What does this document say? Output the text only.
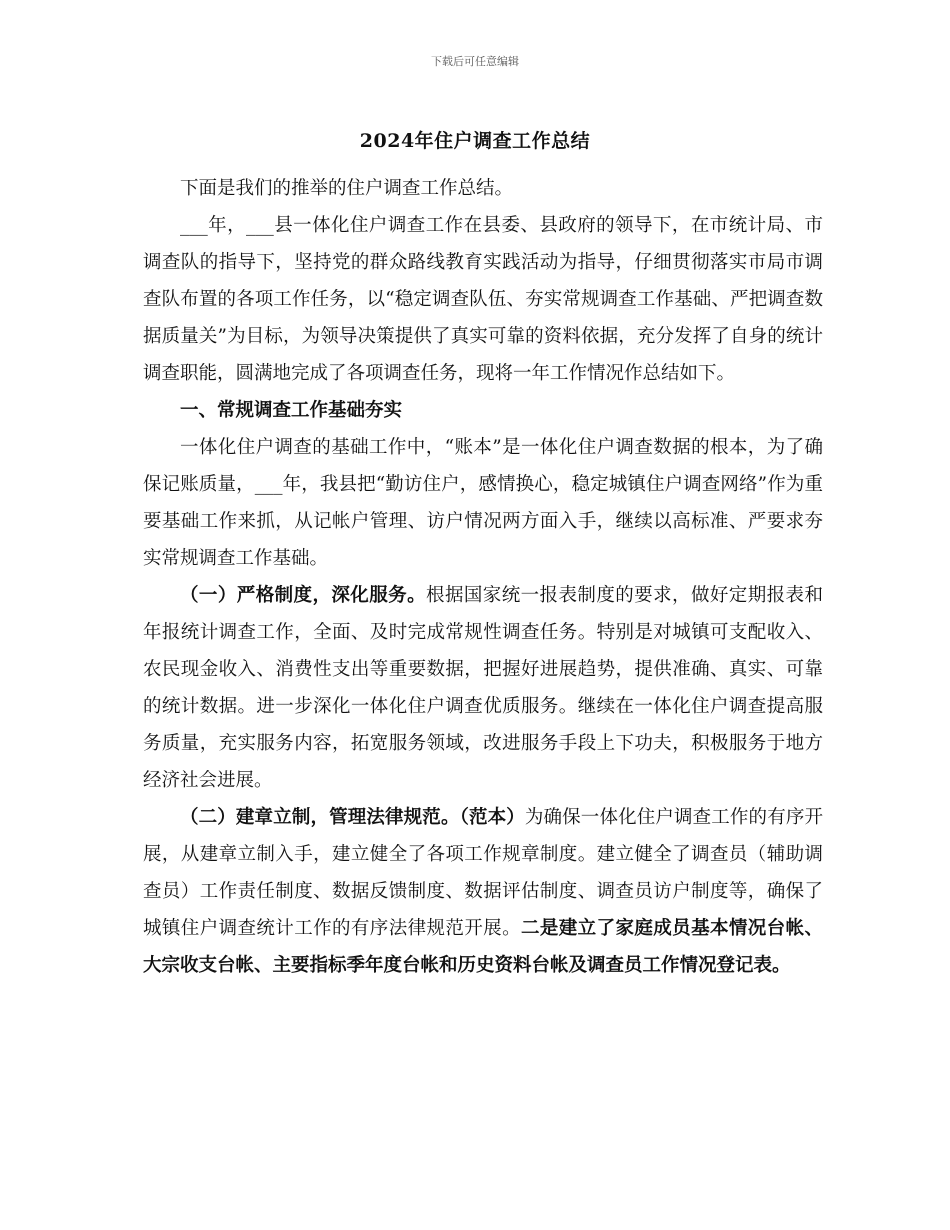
下载后可任意编辑
2024年住户调查工作总结

下面是我们的推举的住户调查工作总结。

___年，___县一体化住户调查工作在县委、县政府的领导下，在市统计局、市调查队的指导下，坚持党的群众路线教育实践活动为指导，仔细贯彻落实市局市调查队布置的各项工作任务，以“稳定调查队伍、夯实常规调查工作基础、严把调查数据质量关”为目标，为领导决策提供了真实可靠的资料依据，充分发挥了自身的统计调查职能，圆满地完成了各项调查任务，现将一年工作情况作总结如下。

一、常规调查工作基础夯实

一体化住户调查的基础工作中，“账本”是一体化住户调查数据的根本，为了确保记账质量，___年，我县把“勤访住户，感情换心，稳定城镇住户调查网络”作为重要基础工作来抓，从记帐户管理、访户情况两方面入手，继续以高标准、严要求夯实常规调查工作基础。

（一）严格制度，深化服务。根据国家统一报表制度的要求，做好定期报表和年报统计调查工作，全面、及时完成常规性调查任务。特别是对城镇可支配收入、农民现金收入、消费性支出等重要数据，把握好进展趋势，提供准确、真实、可靠的统计数据。进一步深化一体化住户调查优质服务。继续在一体化住户调查提高服务质量，充实服务内容，拓宽服务领域，改进服务手段上下功夫，积极服务于地方经济社会进展。

（二）建章立制，管理法律规范。（范本）为确保一体化住户调查工作的有序开展，从建章立制入手，建立健全了各项工作规章制度。建立健全了调查员（辅助调查员）工作责任制度、数据反馈制度、数据评估制度、调查员访户制度等，确保了城镇住户调查统计工作的有序法律规范开展。二是建立了家庭成员基本情况台帐、大宗收支台帐、主要指标季年度台帐和历史资料台帐及调查员工作情况登记表。
